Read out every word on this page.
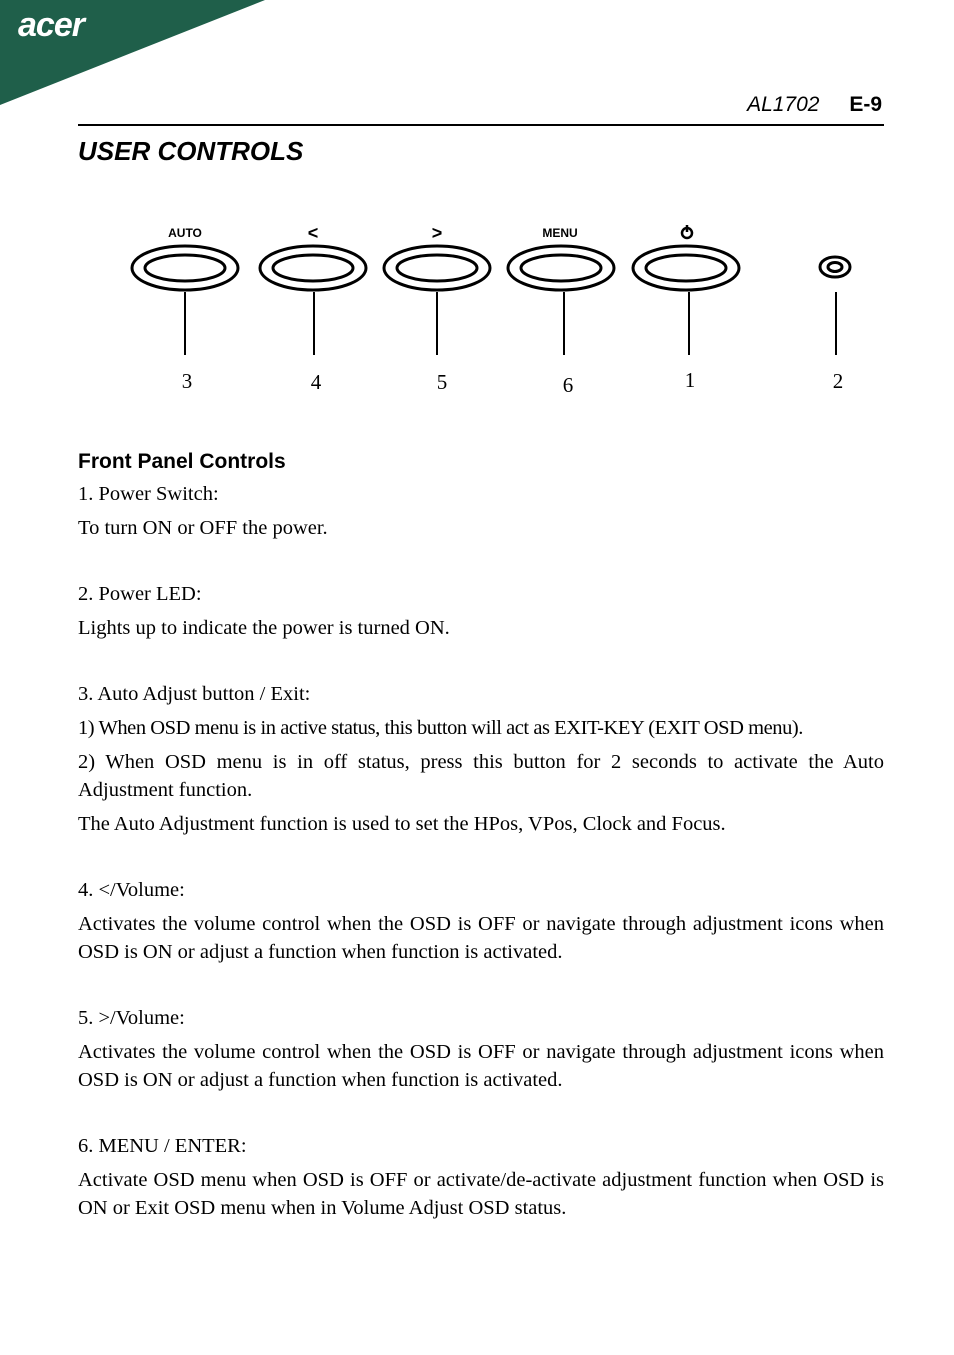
acer
AL1702 E-9
USER CONTROLS
AUTO	<	>	MENU
3	4	5	6	1	2
Front Panel Controls

1. Power Switch:

To turn ON or OFF the power.

2. Power LED:

Lights up to indicate the power is turned ON.

3. Auto Adjust button / Exit:

1) When OSD menu is in active status, this button will act as EXIT-KEY (EXIT OSD menu).

2) When OSD menu is in off status, press this button for 2 seconds to activate the Auto Adjustment function.

The Auto Adjustment function is used to set the HPos, VPos, Clock and Focus.

4. </Volume:

Activates the volume control when the OSD is OFF or navigate through adjustment icons when OSD is ON or adjust a function when function is activated.

5. >/Volume:

Activates the volume control when the OSD is OFF or navigate through adjustment icons when OSD is ON or adjust a function when function is activated.

6. MENU / ENTER:

Activate OSD menu when OSD is OFF or activate/de-activate adjustment function when OSD is ON or Exit OSD menu when in Volume Adjust OSD status.
